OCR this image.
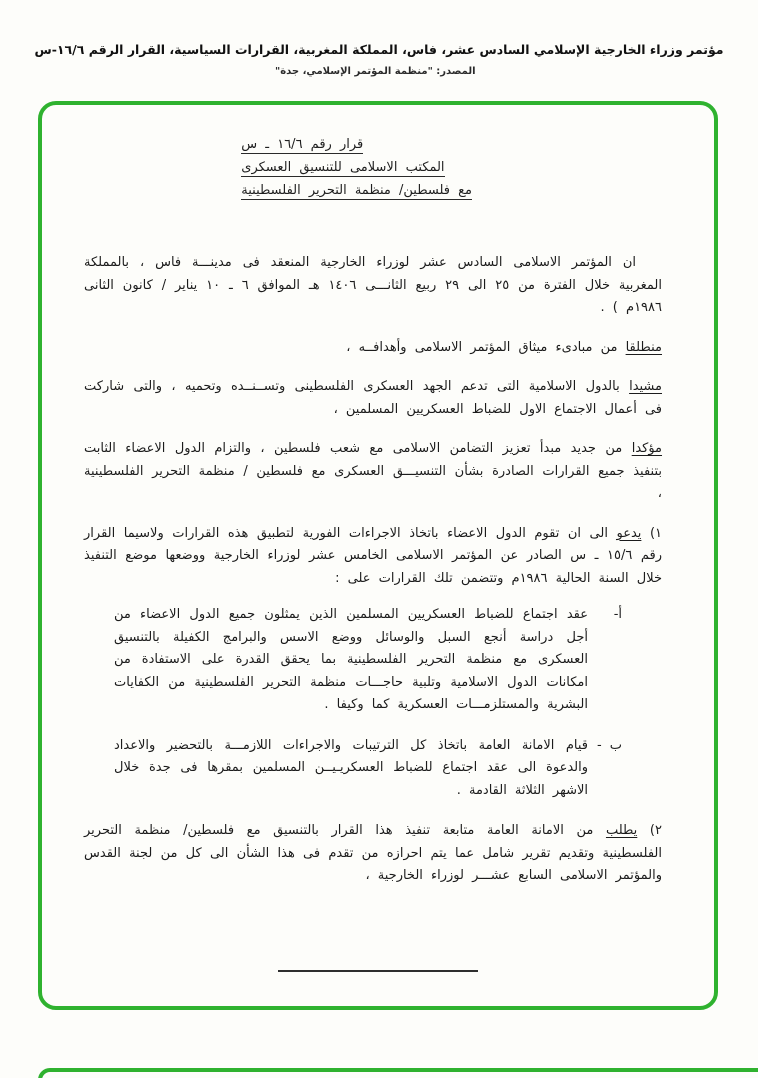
مؤتمر وزراء الخارجية الإسلامي السادس عشر، فاس، المملكة المغربية، القرارات السياسية، القرار الرقم ١٦/٦-س
المصدر: "منظمة المؤتمر الإسلامي، جدة"
قرار رقم ١٦/٦ ـ س
المكتب الاسلامى للتنسيق العسكرى
مع فلسطين/ منظمة التحرير الفلسطينية

ان المؤتمر الاسلامى السادس عشر لوزراء الخارجية المنعقد فى مدينـــة فاس ، بالمملكة المغربية خلال الفترة من ٢٥ الى ٢٩ ربيع الثانـــى ١٤٠٦ هـ الموافق ٦ ـ ١٠ يناير / كانون الثانى ١٩٨٦م ) .

منطلقا من مبادىء ميثاق المؤتمر الاسلامى وأهدافــه ،

مشيدا بالدول الاسلامية التى تدعم الجهد العسكرى الفلسطينى وتســنــده وتحميه ، والتى شاركت فى أعمال الاجتماع الاول للضباط العسكريين المسلمين ،

مؤكدا من جديد مبدأ تعزيز التضامن الاسلامى مع شعب فلسطين ، والتزام الدول الاعضاء الثابت بتنفيذ جميع القرارات الصادرة بشأن التنسيـــق العسكرى مع فلسطين / منظمة التحرير الفلسطينية ،

١) يدعو الى ان تقوم الدول الاعضاء باتخاذ الاجراءات الفورية لتطبيق هذه القرارات ولاسيما القرار رقم ١٥/٦ ـ س الصادر عن المؤتمر الاسلامى الخامس عشر لوزراء الخارجية ووضعها موضع التنفيذ خلال السنة الحالية ١٩٨٦م وتتضمن تلك القرارات على :

أ-
عقد اجتماع للضباط العسكريين المسلمين الذين يمثلون جميع الدول الاعضاء من أجل دراسة أنجع السبل والوسائل ووضع الاسس والبرامج الكفيلة بالتنسيق العسكرى مع منظمة التحرير الفلسطينية بما يحقق القدرة على الاستفادة من امكانات الدول الاسلامية وتلبية حاجـــات منظمة التحرير الفلسطينية من الكفايات البشرية والمستلزمـــات العسكرية كما وكيفا .
ب -
قيام الامانة العامة باتخاذ كل الترتيبات والاجراءات اللازمـــة بالتحضير والاعداد والدعوة الى عقد اجتماع للضباط العسكريـيــن المسلمين بمقرها فى جدة خلال الاشهر الثلاثة القادمة .

٢) يطلب من الامانة العامة متابعة تنفيذ هذا القرار بالتنسيق مع فلسطين/ منظمة التحرير الفلسطينية وتقديم تقرير شامل عما يتم احرازه من تقدم فى هذا الشأن الى كل من لجنة القدس والمؤتمر الاسلامى السابع عشـــر لوزراء الخارجية ،
